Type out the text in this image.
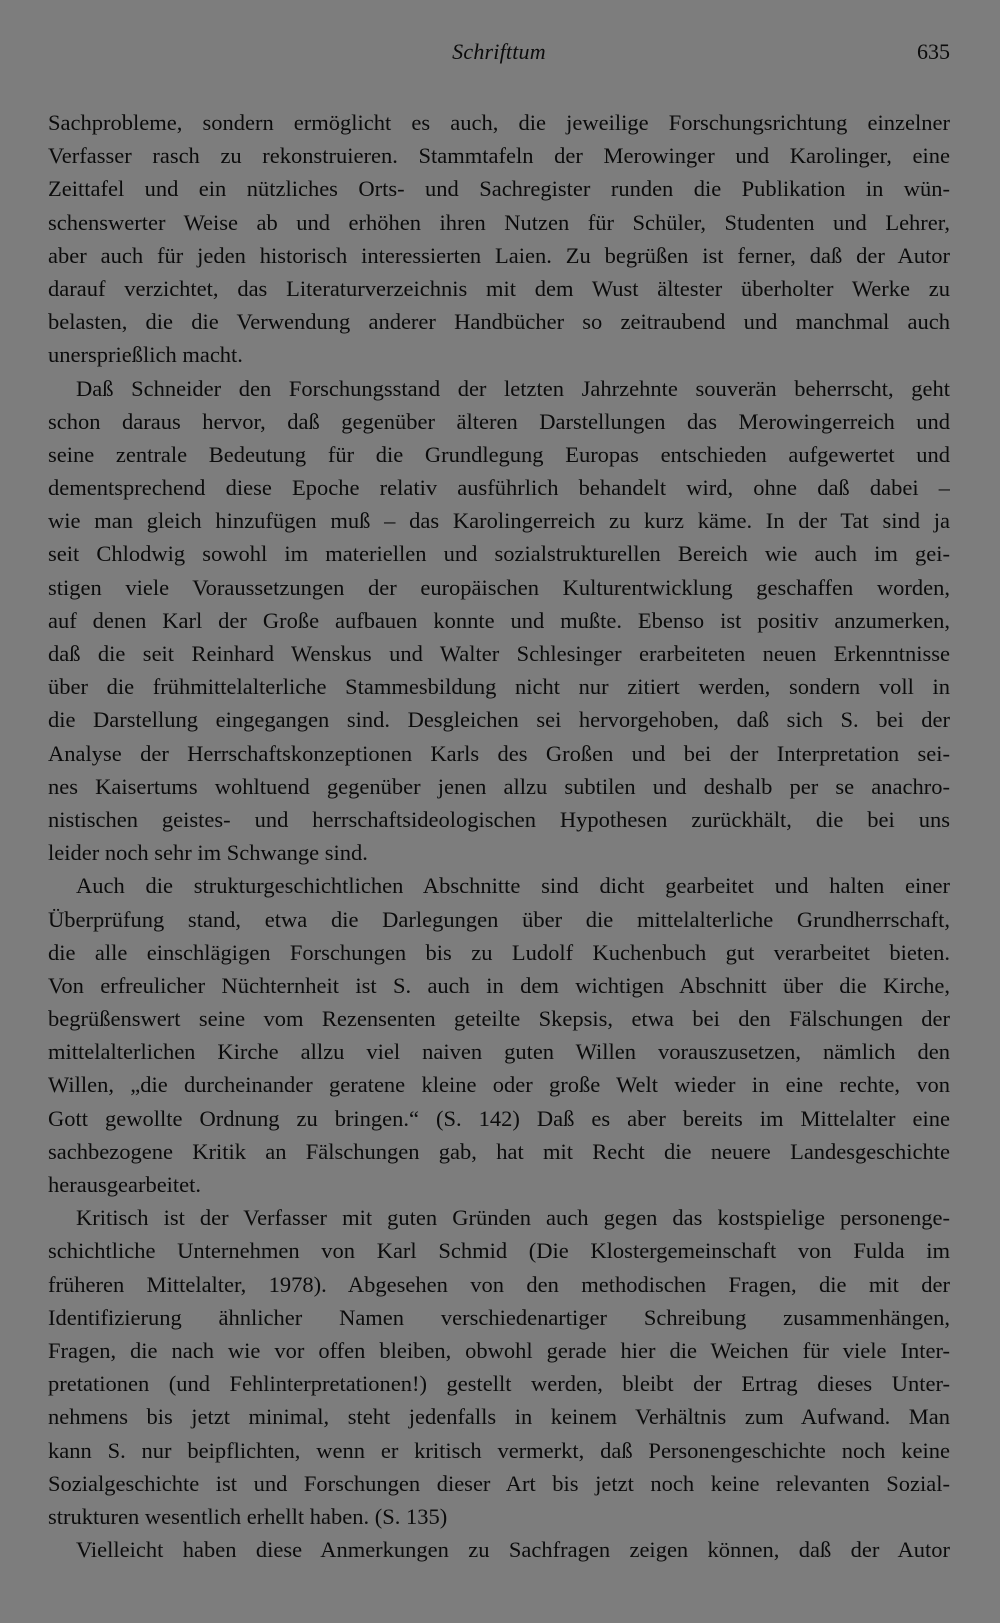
Schrifttum	635
Sachprobleme, sondern ermöglicht es auch, die jeweilige Forschungsrichtung einzelner
Verfasser rasch zu rekonstruieren. Stammtafeln der Merowinger und Karolinger, eine
Zeittafel und ein nützliches Orts- und Sachregister runden die Publikation in wün-
schenswerter Weise ab und erhöhen ihren Nutzen für Schüler, Studenten und Lehrer,
aber auch für jeden historisch interessierten Laien. Zu begrüßen ist ferner, daß der Autor
darauf verzichtet, das Literaturverzeichnis mit dem Wust ältester überholter Werke zu
belasten, die die Verwendung anderer Handbücher so zeitraubend und manchmal auch
unersprießlich macht.
Daß Schneider den Forschungsstand der letzten Jahrzehnte souverän beherrscht, geht
schon daraus hervor, daß gegenüber älteren Darstellungen das Merowingerreich und
seine zentrale Bedeutung für die Grundlegung Europas entschieden aufgewertet und
dementsprechend diese Epoche relativ ausführlich behandelt wird, ohne daß dabei –
wie man gleich hinzufügen muß – das Karolingerreich zu kurz käme. In der Tat sind ja
seit Chlodwig sowohl im materiellen und sozialstrukturellen Bereich wie auch im gei-
stigen viele Voraussetzungen der europäischen Kulturentwicklung geschaffen worden,
auf denen Karl der Große aufbauen konnte und mußte. Ebenso ist positiv anzumerken,
daß die seit Reinhard Wenskus und Walter Schlesinger erarbeiteten neuen Erkenntnisse
über die frühmittelalterliche Stammesbildung nicht nur zitiert werden, sondern voll in
die Darstellung eingegangen sind. Desgleichen sei hervorgehoben, daß sich S. bei der
Analyse der Herrschaftskonzeptionen Karls des Großen und bei der Interpretation sei-
nes Kaisertums wohltuend gegenüber jenen allzu subtilen und deshalb per se anachro-
nistischen geistes- und herrschaftsideologischen Hypothesen zurückhält, die bei uns
leider noch sehr im Schwange sind.
Auch die strukturgeschichtlichen Abschnitte sind dicht gearbeitet und halten einer
Überprüfung stand, etwa die Darlegungen über die mittelalterliche Grundherrschaft,
die alle einschlägigen Forschungen bis zu Ludolf Kuchenbuch gut verarbeitet bieten.
Von erfreulicher Nüchternheit ist S. auch in dem wichtigen Abschnitt über die Kirche,
begrüßenswert seine vom Rezensenten geteilte Skepsis, etwa bei den Fälschungen der
mittelalterlichen Kirche allzu viel naiven guten Willen vorauszusetzen, nämlich den
Willen, „die durcheinander geratene kleine oder große Welt wieder in eine rechte, von
Gott gewollte Ordnung zu bringen.“ (S. 142) Daß es aber bereits im Mittelalter eine
sachbezogene Kritik an Fälschungen gab, hat mit Recht die neuere Landesgeschichte
herausgearbeitet.
Kritisch ist der Verfasser mit guten Gründen auch gegen das kostspielige personenge-
schichtliche Unternehmen von Karl Schmid (Die Klostergemeinschaft von Fulda im
früheren Mittelalter, 1978). Abgesehen von den methodischen Fragen, die mit der
Identifizierung ähnlicher Namen verschiedenartiger Schreibung zusammenhängen,
Fragen, die nach wie vor offen bleiben, obwohl gerade hier die Weichen für viele Inter-
pretationen (und Fehlinterpretationen!) gestellt werden, bleibt der Ertrag dieses Unter-
nehmens bis jetzt minimal, steht jedenfalls in keinem Verhältnis zum Aufwand. Man
kann S. nur beipflichten, wenn er kritisch vermerkt, daß Personengeschichte noch keine
Sozialgeschichte ist und Forschungen dieser Art bis jetzt noch keine relevanten Sozial-
strukturen wesentlich erhellt haben. (S. 135)
Vielleicht haben diese Anmerkungen zu Sachfragen zeigen können, daß der Autor
